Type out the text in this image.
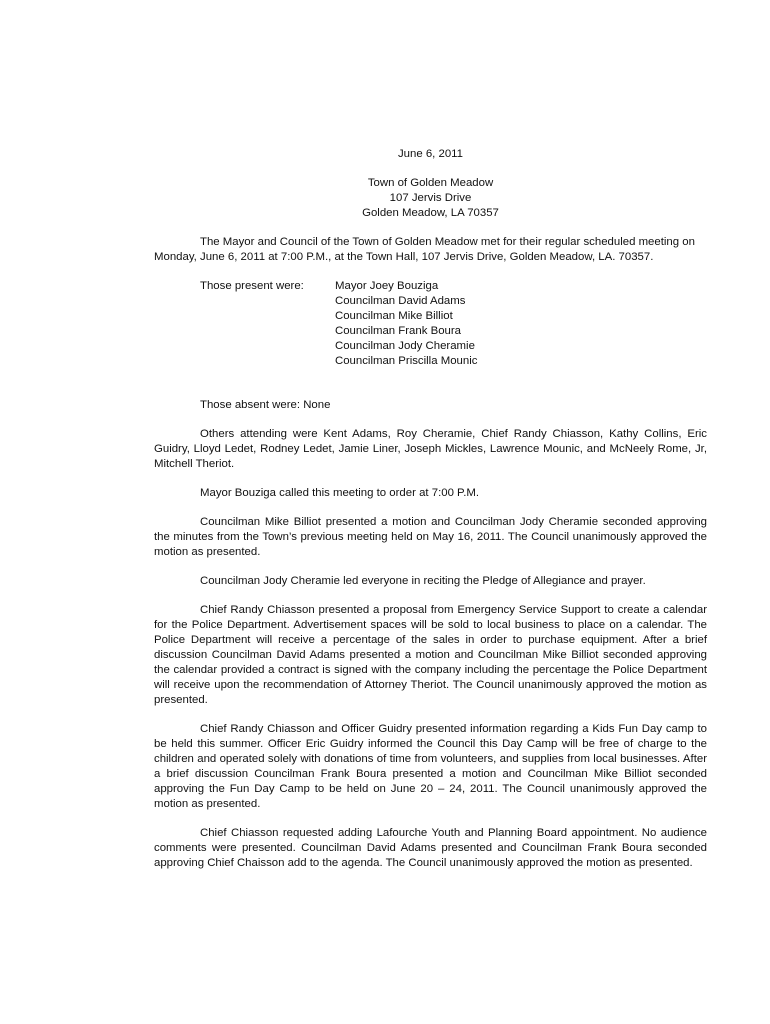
June 6, 2011
Town of Golden Meadow
107 Jervis Drive
Golden Meadow, LA 70357

The Mayor and Council of the Town of Golden Meadow met for their regular scheduled meeting on Monday, June 6, 2011 at 7:00 P.M., at the Town Hall, 107 Jervis Drive, Golden Meadow, LA. 70357.

Those present were:	Mayor Joey Bouziga
Councilman David Adams
Councilman Mike Billiot
Councilman Frank Boura
Councilman Jody Cheramie
Councilman Priscilla Mounic
Those absent were: None

Others attending were Kent Adams, Roy Cheramie, Chief Randy Chiasson, Kathy Collins, Eric Guidry, Lloyd Ledet, Rodney Ledet, Jamie Liner, Joseph Mickles, Lawrence Mounic, and McNeely Rome, Jr, Mitchell Theriot.

Mayor Bouziga called this meeting to order at 7:00 P.M.

Councilman Mike Billiot presented a motion and Councilman Jody Cheramie seconded approving the minutes from the Town’s previous meeting held on May 16, 2011. The Council unanimously approved the motion as presented.

Councilman Jody Cheramie led everyone in reciting the Pledge of Allegiance and prayer.

Chief Randy Chiasson presented a proposal from Emergency Service Support to create a calendar for the Police Department. Advertisement spaces will be sold to local business to place on a calendar. The Police Department will receive a percentage of the sales in order to purchase equipment. After a brief discussion Councilman David Adams presented a motion and Councilman Mike Billiot seconded approving the calendar provided a contract is signed with the company including the percentage the Police Department will receive upon the recommendation of Attorney Theriot. The Council unanimously approved the motion as presented.

Chief Randy Chiasson and Officer Guidry presented information regarding a Kids Fun Day camp to be held this summer. Officer Eric Guidry informed the Council this Day Camp will be free of charge to the children and operated solely with donations of time from volunteers, and supplies from local businesses. After a brief discussion Councilman Frank Boura presented a motion and Councilman Mike Billiot seconded approving the Fun Day Camp to be held on June 20 – 24, 2011. The Council unanimously approved the motion as presented.

Chief Chiasson requested adding Lafourche Youth and Planning Board appointment. No audience comments were presented. Councilman David Adams presented and Councilman Frank Boura seconded approving Chief Chaisson add to the agenda. The Council unanimously approved the motion as presented.
